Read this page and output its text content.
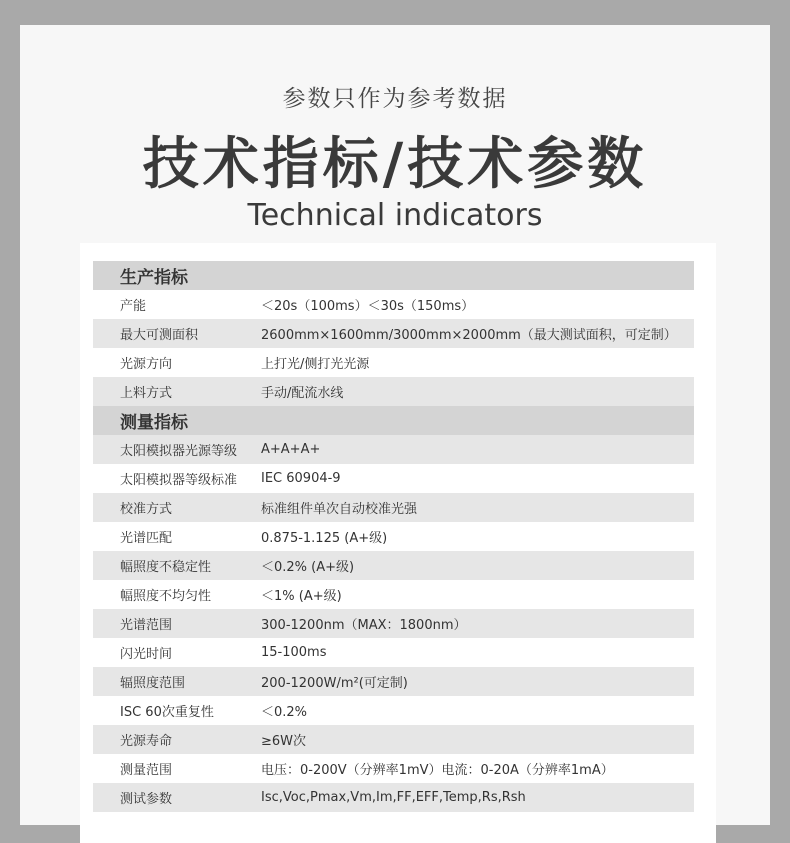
参数只作为参考数据
技术指标/技术参数
Technical indicators
生产指标
产能	＜20s（100ms）＜30s（150ms）
最大可测面积	2600mm×1600mm/3000mm×2000mm（最大测试面积，可定制）
光源方向	上打光/侧打光光源
上料方式	手动/配流水线
测量指标
太阳模拟器光源等级	A+A+A+
太阳模拟器等级标准	IEC 60904-9
校准方式	标准组件单次自动校准光强
光谱匹配	0.875-1.125 (A+级)
幅照度不稳定性	＜0.2% (A+级)
幅照度不均匀性	＜1% (A+级)
光谱范围	300-1200nm（MAX：1800nm）
闪光时间	15-100ms
辐照度范围	200-1200W/m²(可定制)
ISC 60次重复性	＜0.2%
光源寿命	≥6W次
测量范围	电压：0-200V（分辨率1mV）电流：0-20A（分辨率1mA）
测试参数	Isc,Voc,Pmax,Vm,Im,FF,EFF,Temp,Rs,Rsh
